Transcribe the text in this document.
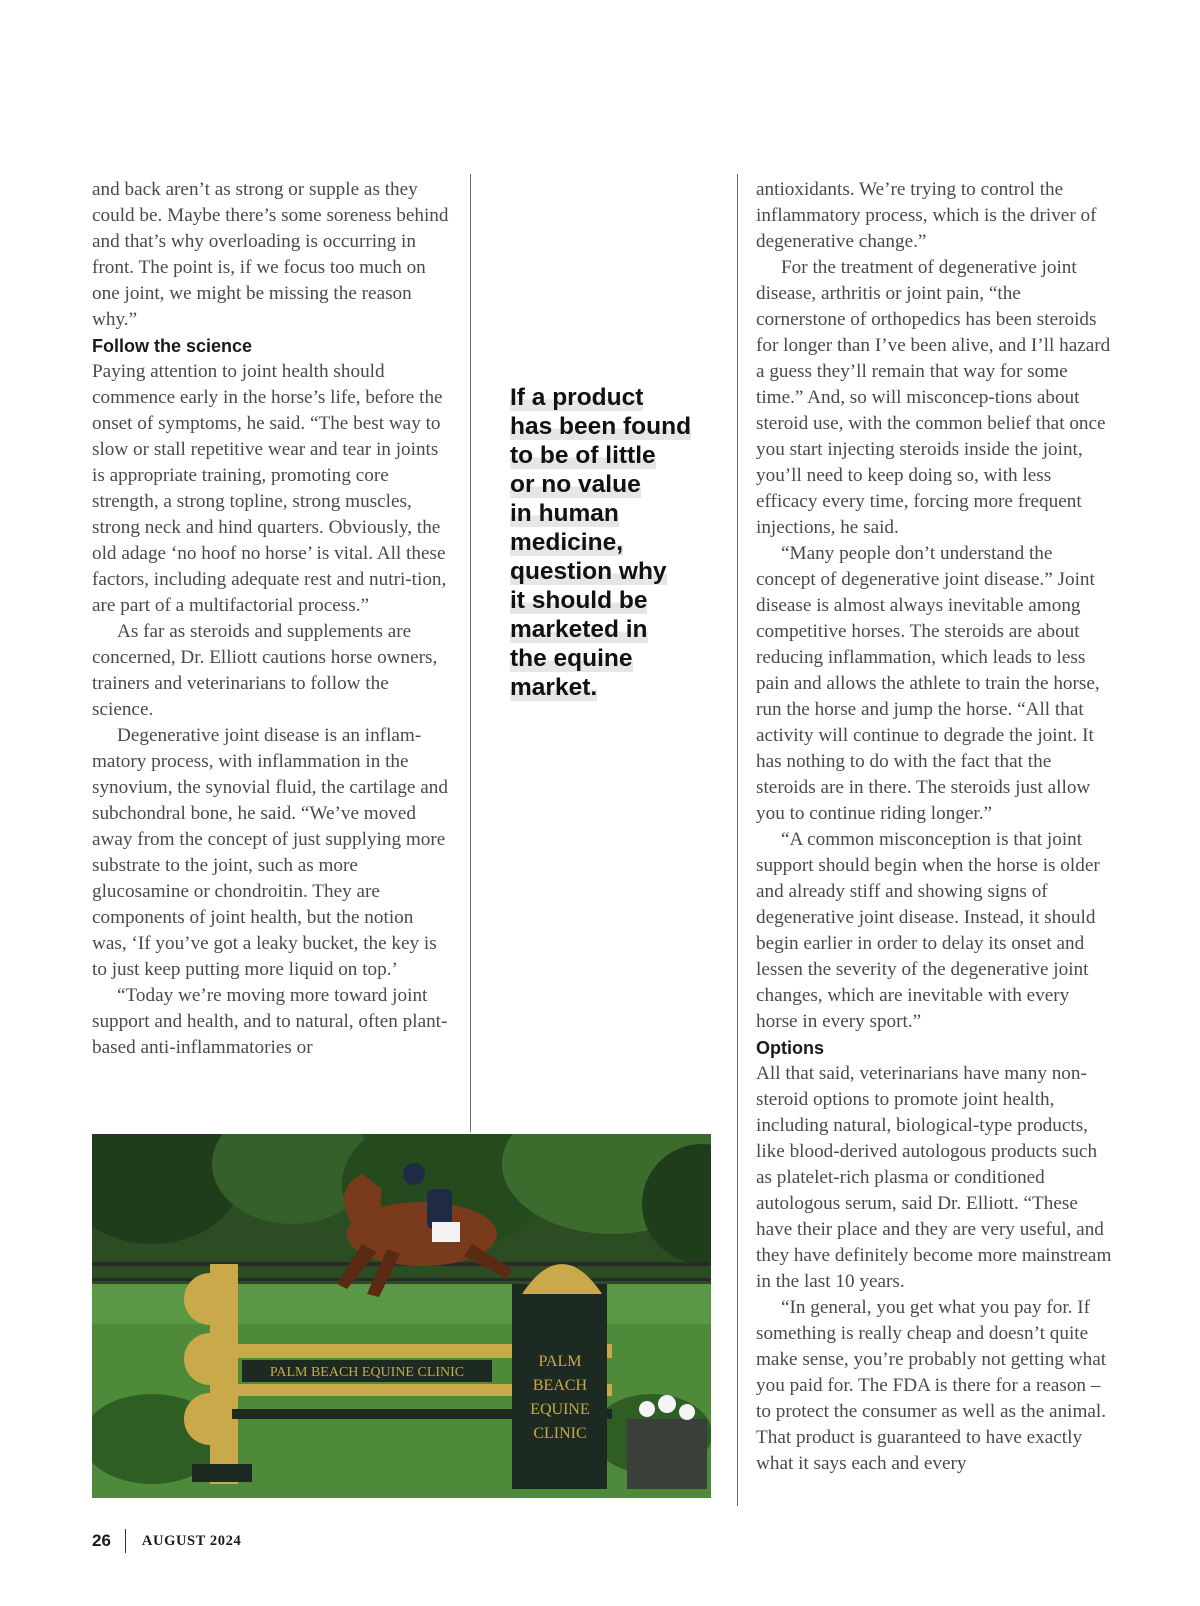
and back aren’t as strong or supple as they could be. Maybe there’s some soreness behind and that’s why overloading is occurring in front. The point is, if we focus too much on one joint, we might be missing the reason why.”

Follow the science

Paying attention to joint health should commence early in the horse’s life, before the onset of symptoms, he said. “The best way to slow or stall repetitive wear and tear in joints is appropriate training, promoting core strength, a strong topline, strong muscles, strong neck and hind quarters. Obviously, the old adage ‘no hoof no horse’ is vital. All these factors, including adequate rest and nutri-tion, are part of a multifactorial process.”

As far as steroids and supplements are concerned, Dr. Elliott cautions horse owners, trainers and veterinarians to follow the science.

Degenerative joint disease is an inflam-matory process, with inflammation in the synovium, the synovial fluid, the cartilage and subchondral bone, he said. “We’ve moved away from the concept of just supplying more substrate to the joint, such as more glucosamine or chondroitin. They are components of joint health, but the notion was, ‘If you’ve got a leaky bucket, the key is to just keep putting more liquid on top.’

“Today we’re moving more toward joint support and health, and to natural, often plant-based anti-inflammatories or

If a product
has been found
to be of little
or no value
in human
medicine,
question why
it should be
marketed in
the equine
market.

antioxidants. We’re trying to control the inflammatory process, which is the driver of degenerative change.”

For the treatment of degenerative joint disease, arthritis or joint pain, “the cornerstone of orthopedics has been steroids for longer than I’ve been alive, and I’ll hazard a guess they’ll remain that way for some time.” And, so will misconcep-tions about steroid use, with the common belief that once you start injecting steroids inside the joint, you’ll need to keep doing so, with less efficacy every time, forcing more frequent injections, he said.

“Many people don’t understand the concept of degenerative joint disease.” Joint disease is almost always inevitable among competitive horses. The steroids are about reducing inflammation, which leads to less pain and allows the athlete to train the horse, run the horse and jump the horse. “All that activity will continue to degrade the joint. It has nothing to do with the fact that the steroids are in there. The steroids just allow you to continue riding longer.”

“A common misconception is that joint support should begin when the horse is older and already stiff and showing signs of degenerative joint disease. Instead, it should begin earlier in order to delay its onset and lessen the severity of the degenerative joint changes, which are inevitable with every horse in every sport.”

Options

All that said, veterinarians have many non-steroid options to promote joint health, including natural, biological-type products, like blood-derived autologous products such as platelet-rich plasma or conditioned autologous serum, said Dr. Elliott. “These have their place and they are very useful, and they have definitely become more mainstream in the last 10 years.

“In general, you get what you pay for. If something is really cheap and doesn’t quite make sense, you’re probably not getting what you paid for. The FDA is there for a reason – to protect the consumer as well as the animal. That product is guaranteed to have exactly what it says each and every

PALM BEACH EQUINE CLINIC
PALM
BEACH
EQUINE
CLINIC
26 AUGUST 2024
